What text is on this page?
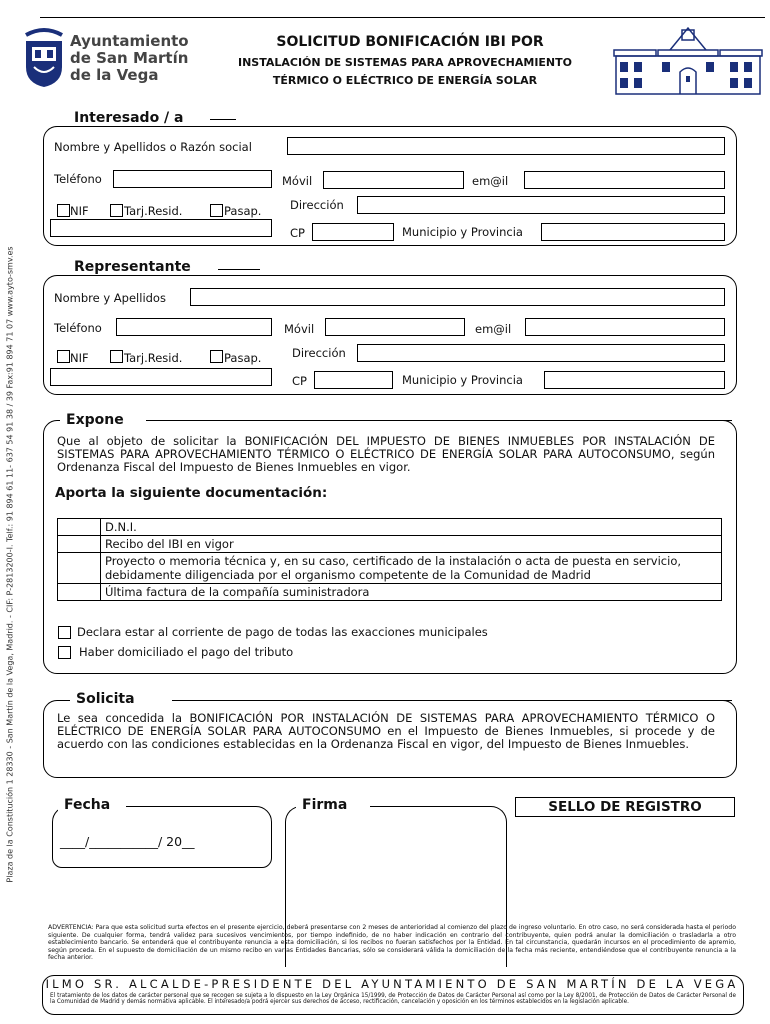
Plaza de la Constitución 1 28330 - San Martín de la Vega, Madrid. - CIF: P-2813200-I. Telf.: 91 894 61 11- 637 54 91 38 / 39 Fax:91 894 71 07 www.ayto-smv.es
Ayuntamiento
de San Martín
de la Vega
SOLICITUD BONIFICACIÓN IBI POR
INSTALACIÓN DE SISTEMAS PARA APROVECHAMIENTO
TÉRMICO O ELÉCTRICO DE ENERGÍA SOLAR
Interesado / a
Nombre y Apellidos o Razón social
Teléfono	Móvil	em@il
NIF	Tarj.Resid.	Pasap. Dirección
CP	Municipio y Provincia
Representante
Nombre y Apellidos
Teléfono	Móvil	em@il
NIF	Tarj.Resid.	Pasap.	Dirección
CP	Municipio y Provincia
Expone
Que al objeto de solicitar la BONIFICACIÓN DEL IMPUESTO DE BIENES INMUEBLES POR INSTALACIÓN DE SISTEMAS PARA APROVECHAMIENTO TÉRMICO O ELÉCTRICO DE ENERGÍA SOLAR PARA AUTOCONSUMO, según Ordenanza Fiscal del Impuesto de Bienes Inmuebles en vigor.
Aporta la siguiente documentación:
	D.N.I.
	Recibo del IBI en vigor
	Proyecto o memoria técnica y, en su caso, certificado de la instalación o acta de puesta en servicio, debidamente diligenciada por el organismo competente de la Comunidad de Madrid
	Última factura de la compañía suministradora
Declara estar al corriente de pago de todas las exacciones municipales
Haber domiciliado el pago del tributo
Solicita
Le sea concedida la BONIFICACIÓN POR INSTALACIÓN DE SISTEMAS PARA APROVECHAMIENTO TÉRMICO O ELÉCTRICO DE ENERGÍA SOLAR PARA AUTOCONSUMO en el Impuesto de Bienes Inmuebles, si procede y de acuerdo con las condiciones establecidas en la Ordenanza Fiscal en vigor, del Impuesto de Bienes Inmuebles.
Fecha
____/___________/ 20__
Firma	SELLO DE REGISTRO
ADVERTENCIA: Para que esta solicitud surta efectos en el presente ejercicio, deberá presentarse con 2 meses de anterioridad al comienzo del plazo de ingreso voluntario. En otro caso, no será considerada hasta el periodo siguiente. De cualquier forma, tendrá validez para sucesivos vencimientos, por tiempo indefinido, de no haber indicación en contrario del contribuyente, quien podrá anular la domiciliación o trasladarla a otro establecimiento bancario. Se entenderá que el contribuyente renuncia a esta domiciliación, si los recibos no fueran satisfechos por la Entidad. En tal circunstancia, quedarán incursos en el procedimiento de apremio, según proceda. En el supuesto de domiciliación de un mismo recibo en varias Entidades Bancarias, sólo se considerará válida la domiciliación de la fecha más reciente, entendiéndose que el contribuyente renuncia a la fecha anterior.
ILMO SR. ALCALDE-PRESIDENTE DEL AYUNTAMIENTO DE SAN MARTÍN DE LA VEGA
El tratamiento de los datos de carácter personal que se recogen se sujeta a lo dispuesto en la Ley Orgánica 15/1999, de Protección de Datos de Carácter Personal así como por la Ley 8/2001, de Protección de Datos de Carácter Personal de la Comunidad de Madrid y demás normativa aplicable. El interesado/a podrá ejercer sus derechos de acceso, rectificación, cancelación y oposición en los términos establecidos en la legislación aplicable.
